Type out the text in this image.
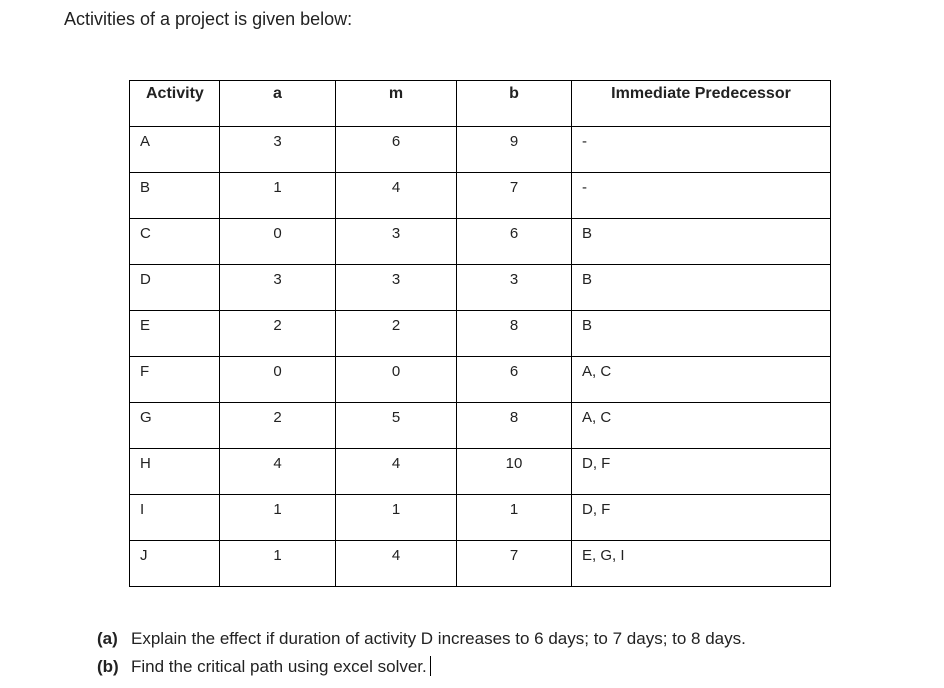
Activities of a project is given below:
Activity	a	m	b	Immediate Predecessor
A	3	6	9	-
B	1	4	7	-
C	0	3	6	B
D	3	3	3	B
E	2	2	8	B
F	0	0	6	A, C
G	2	5	8	A, C
H	4	4	10	D, F
I	1	1	1	D, F
J	1	4	7	E, G, I
(a) Explain the effect if duration of activity D increases to 6 days; to 7 days; to 8 days.
(b) Find the critical path using excel solver.
